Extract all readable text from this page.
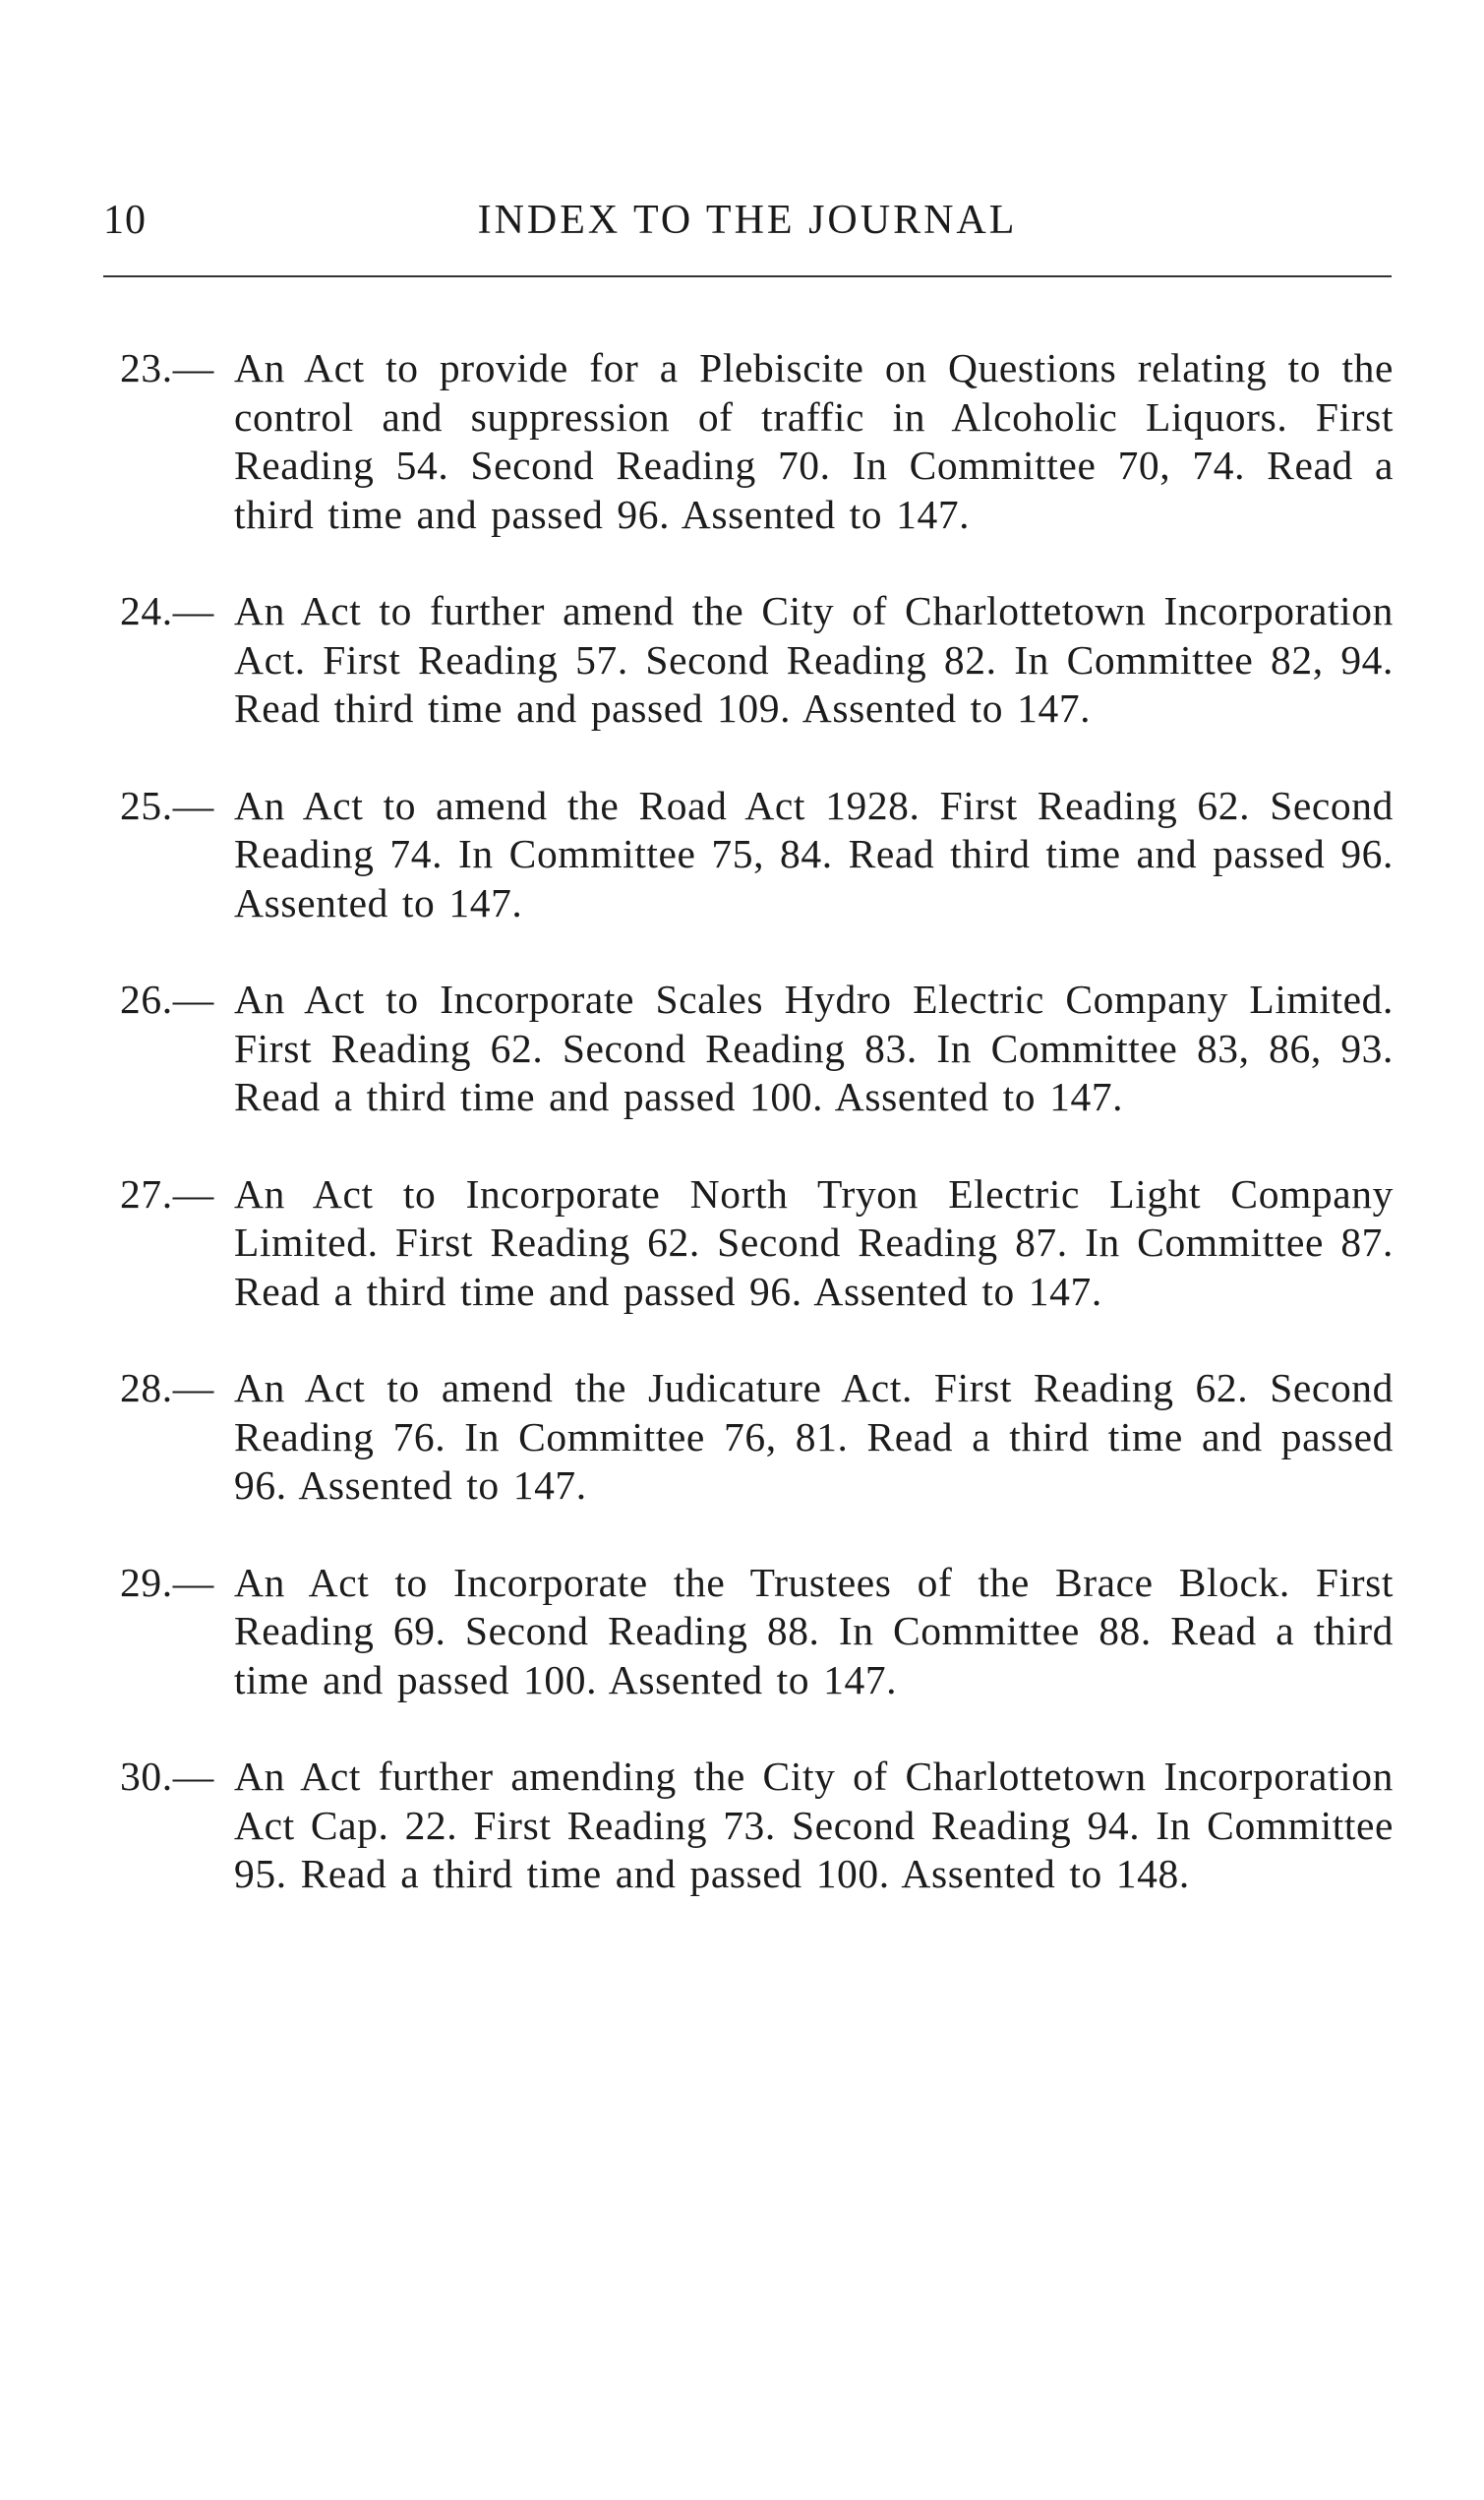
10	INDEX TO THE JOURNAL
23.— An Act to provide for a Plebiscite on Questions relating to the control and suppression of traffic in Alcoholic Liquors. First Reading 54. Second Reading 70. In Committee 70, 74. Read a third time and passed 96. Assented to 147.
24.— An Act to further amend the City of Charlottetown Incorporation Act. First Reading 57. Second Reading 82. In Committee 82, 94. Read third time and passed 109. Assented to 147.
25.— An Act to amend the Road Act 1928. First Reading 62. Second Reading 74. In Committee 75, 84. Read third time and passed 96. Assented to 147.
26.— An Act to Incorporate Scales Hydro Electric Company Limited. First Reading 62. Second Reading 83. In Committee 83, 86, 93. Read a third time and passed 100. Assented to 147.
27.— An Act to Incorporate North Tryon Electric Light Company Limited. First Reading 62. Second Reading 87. In Committee 87. Read a third time and passed 96. Assented to 147.
28.— An Act to amend the Judicature Act. First Reading 62. Second Reading 76. In Committee 76, 81. Read a third time and passed 96. Assented to 147.
29.— An Act to Incorporate the Trustees of the Brace Block. First Reading 69. Second Reading 88. In Committee 88. Read a third time and passed 100. Assented to 147.
30.— An Act further amending the City of Charlottetown Incorporation Act Cap. 22. First Reading 73. Second Reading 94. In Committee 95. Read a third time and passed 100. Assented to 148.
